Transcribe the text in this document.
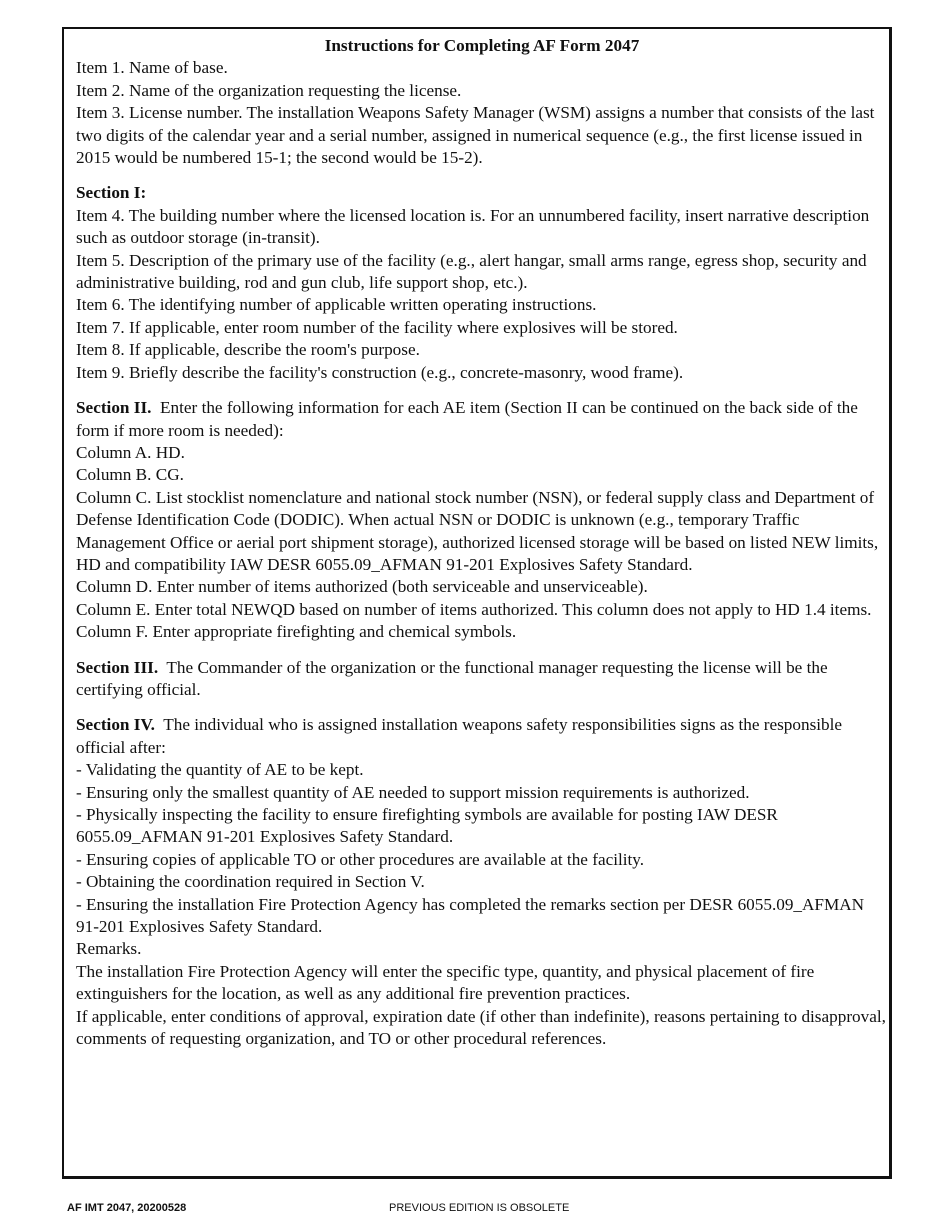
Instructions for Completing AF Form 2047

Item 1. Name of base.

Item 2. Name of the organization requesting the license.

Item 3. License number. The installation Weapons Safety Manager (WSM) assigns a number that consists of the last two digits of the calendar year and a serial number, assigned in numerical sequence (e.g., the first license issued in 2015 would be numbered 15-1; the second would be 15-2).

Section I:

Item 4. The building number where the licensed location is. For an unnumbered facility, insert narrative description such as outdoor storage (in-transit).

Item 5. Description of the primary use of the facility (e.g., alert hangar, small arms range, egress shop, security and administrative building, rod and gun club, life support shop, etc.).

Item 6. The identifying number of applicable written operating instructions.

Item 7. If applicable, enter room number of the facility where explosives will be stored.

Item 8. If applicable, describe the room's purpose.

Item 9. Briefly describe the facility's construction (e.g., concrete-masonry, wood frame).

Section II.  Enter the following information for each AE item (Section II can be continued on the back side of the form if more room is needed):

Column A. HD.

Column B. CG.

Column C. List stocklist nomenclature and national stock number (NSN), or federal supply class and Department of Defense Identification Code (DODIC). When actual NSN or DODIC is unknown (e.g., temporary Traffic Management Office or aerial port shipment storage), authorized licensed storage will be based on listed NEW limits, HD and compatibility IAW DESR 6055.09_AFMAN 91-201 Explosives Safety Standard.

Column D. Enter number of items authorized (both serviceable and unserviceable).

Column E. Enter total NEWQD based on number of items authorized. This column does not apply to HD 1.4 items.

Column F. Enter appropriate firefighting and chemical symbols.

Section III.  The Commander of the organization or the functional manager requesting the license will be the certifying official.

Section IV.  The individual who is assigned installation weapons safety responsibilities signs as the responsible official after:

- Validating the quantity of AE to be kept.

- Ensuring only the smallest quantity of AE needed to support mission requirements is authorized.

- Physically inspecting the facility to ensure firefighting symbols are available for posting IAW DESR 6055.09_AFMAN 91-201 Explosives Safety Standard.

- Ensuring copies of applicable TO or other procedures are available at the facility.

- Obtaining the coordination required in Section V.

- Ensuring the installation Fire Protection Agency has completed the remarks section per DESR 6055.09_AFMAN 91-201 Explosives Safety Standard.

Remarks.

The installation Fire Protection Agency will enter the specific type, quantity, and physical placement of fire extinguishers for the location, as well as any additional fire prevention practices.

If applicable, enter conditions of approval, expiration date (if other than indefinite), reasons pertaining to disapproval, comments of requesting organization, and TO or other procedural references.

AF IMT 2047, 20200528	PREVIOUS EDITION IS OBSOLETE
